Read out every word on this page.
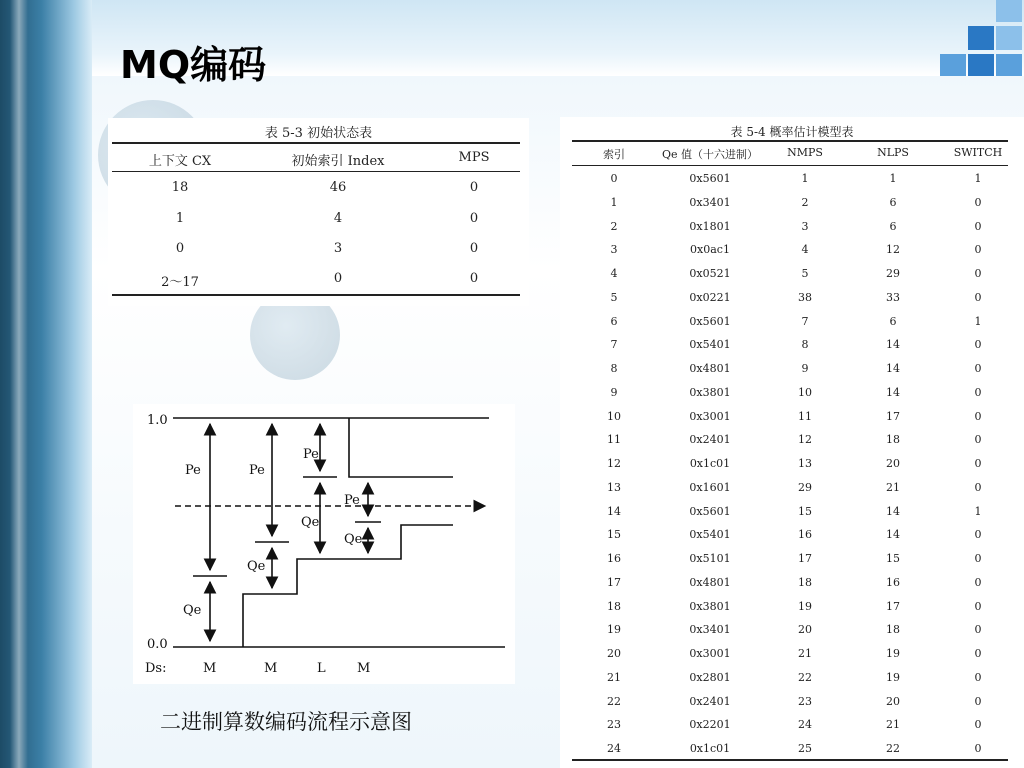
MQ编码
表 5-3 初始状态表
上下文 CX	初始索引 Index	MPS
18	46	0
1	4	0
0	3	0
2～17	0	0
表 5-4 概率估计模型表
索引	Qe 值（十六进制）	NMPS	NLPS	SWITCH
0	0x5601	1	1	1
1	0x3401	2	6	0
2	0x1801	3	6	0
3	0x0ac1	4	12	0
4	0x0521	5	29	0
5	0x0221	38	33	0
6	0x5601	7	6	1
7	0x5401	8	14	0
8	0x4801	9	14	0
9	0x3801	10	14	0
10	0x3001	11	17	0
11	0x2401	12	18	0
12	0x1c01	13	20	0
13	0x1601	29	21	0
14	0x5601	15	14	1
15	0x5401	16	14	0
16	0x5101	17	15	0
17	0x4801	18	16	0
18	0x3801	19	17	0
19	0x3401	20	18	0
20	0x3001	21	19	0
21	0x2801	22	19	0
22	0x2401	23	20	0
23	0x2201	24	21	0
24	0x1c01	25	22	0
1.0
0.0
Ds:	M	M	L M
Pe
Qe
Pe
Qe
Pe
Qe
Pe
Qe

二进制算数编码流程示意图
